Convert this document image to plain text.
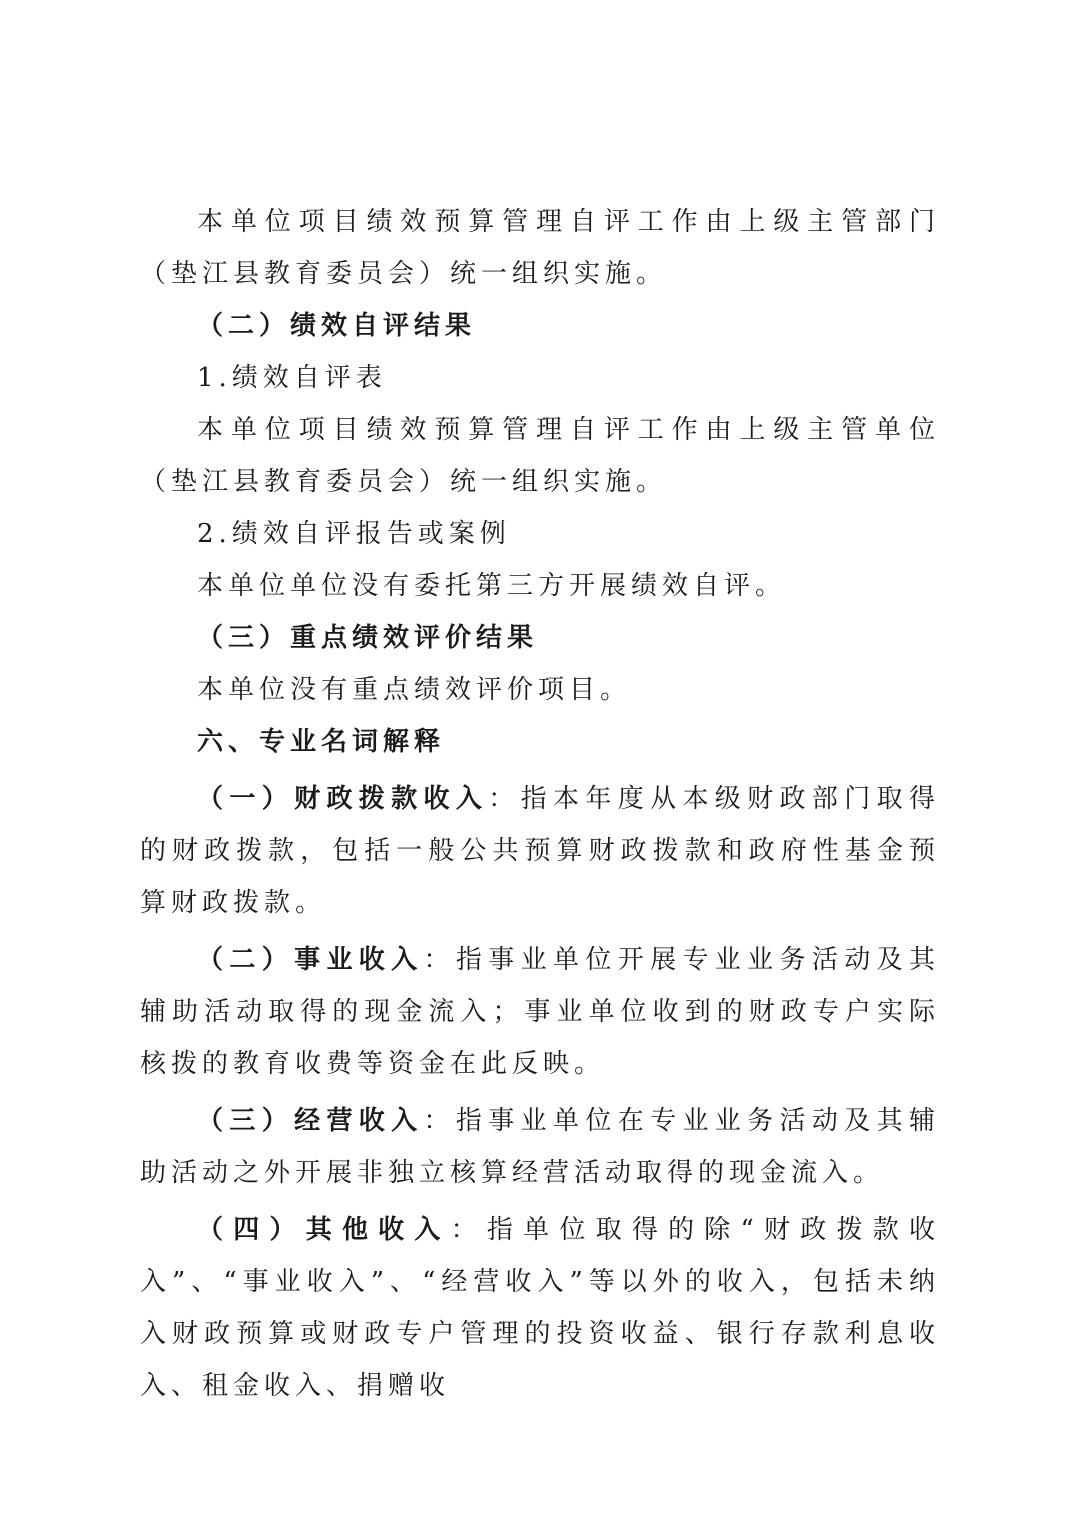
本单位项目绩效预算管理自评工作由上级主管部门（垫江县教育委员会）统一组织实施。

（二）绩效自评结果

1.绩效自评表

本单位项目绩效预算管理自评工作由上级主管单位（垫江县教育委员会）统一组织实施。

2.绩效自评报告或案例

本单位单位没有委托第三方开展绩效自评。

（三）重点绩效评价结果

本单位没有重点绩效评价项目。

六、专业名词解释

（一）财政拨款收入：指本年度从本级财政部门取得的财政拨款，包括一般公共预算财政拨款和政府性基金预算财政拨款。

（二）事业收入：指事业单位开展专业业务活动及其辅助活动取得的现金流入；事业单位收到的财政专户实际核拨的教育收费等资金在此反映。

（三）经营收入：指事业单位在专业业务活动及其辅助活动之外开展非独立核算经营活动取得的现金流入。

（四）其他收入：指单位取得的除“财政拨款收入”、“事业收入”、“经营收入”等以外的收入，包括未纳入财政预算或财政专户管理的投资收益、银行存款利息收入、租金收入、捐赠收
